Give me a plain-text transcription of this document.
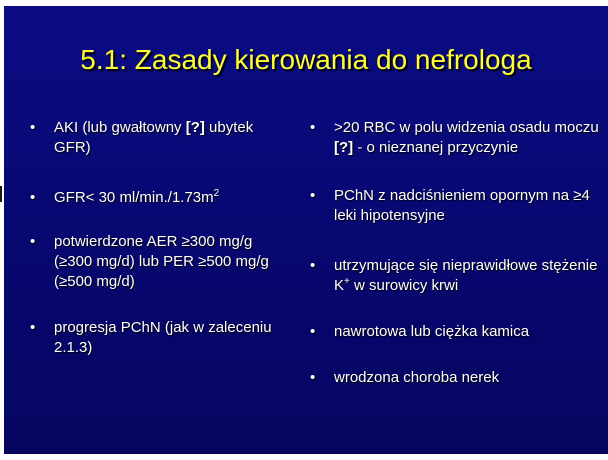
5.1: Zasady kierowania do nefrologa
• AKI (lub gwałtowny [?] ubytek GFR)
• GFR< 30 $ml/\min./1.73m^2$
• potwierdzone AER ≥300 mg/g (≥300 mg/d) lub PER ≥500 mg/g (≥500 mg/d)
• progresja PChN (jak w zaleceniu 2.1.3)
• >20 RBC w polu widzenia osadu moczu [?] - o nieznanej przyczynie
• PChN z nadciśnieniem opornym na ≥4 leki hipotensyjne
• utrzymujące się nieprawidłowe stężenie K+ w surowicy krwi
• nawrotowa lub ciężka kamica
• wrodzona choroba nerek
